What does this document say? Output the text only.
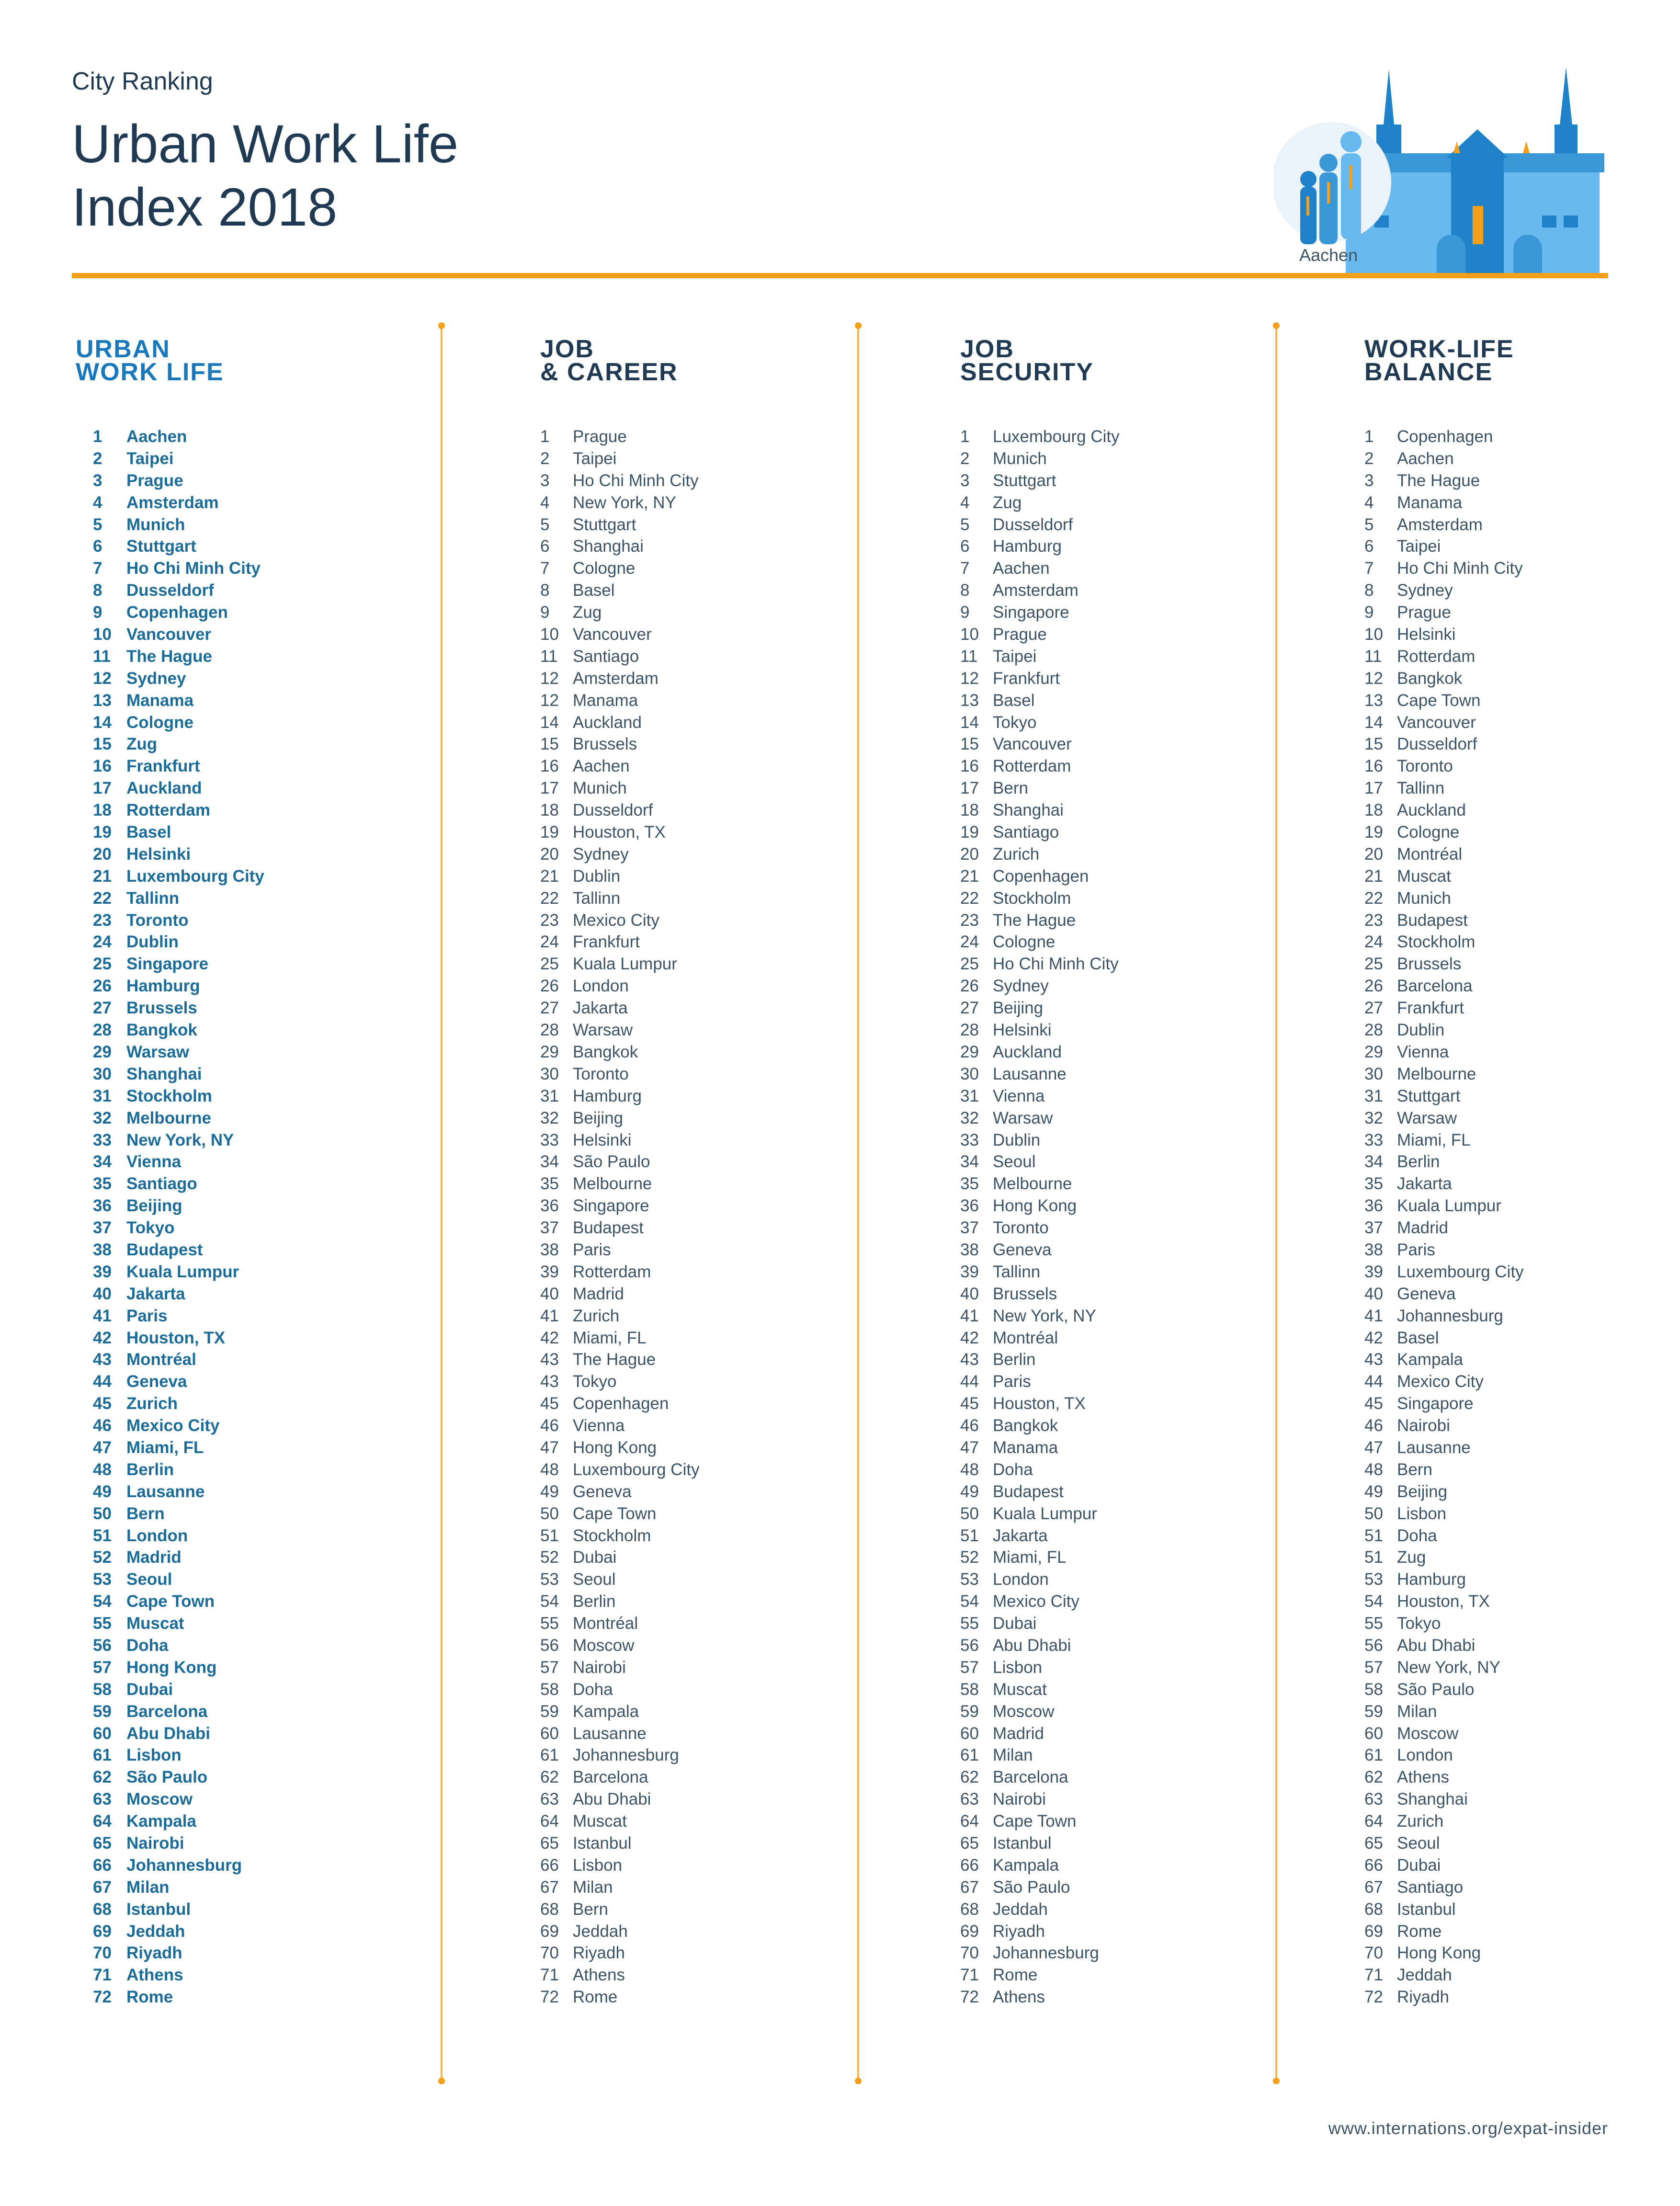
City Ranking
Urban Work Life
Index 2018
Aachen
URBAN
WORK LIFE
1 Aachen
2 Taipei
3 Prague
4 Amsterdam
5 Munich
6 Stuttgart
7 Ho Chi Minh City
8 Dusseldorf
9 Copenhagen
10 Vancouver
11 The Hague
12 Sydney
13 Manama
14 Cologne
15 Zug
16 Frankfurt
17 Auckland
18 Rotterdam
19 Basel
20 Helsinki
21 Luxembourg City
22 Tallinn
23 Toronto
24 Dublin
25 Singapore
26 Hamburg
27 Brussels
28 Bangkok
29 Warsaw
30 Shanghai
31 Stockholm
32 Melbourne
33 New York, NY
34 Vienna
35 Santiago
36 Beijing
37 Tokyo
38 Budapest
39 Kuala Lumpur
40 Jakarta
41 Paris
42 Houston, TX
43 Montréal
44 Geneva
45 Zurich
46 Mexico City
47 Miami, FL
48 Berlin
49 Lausanne
50 Bern
51 London
52 Madrid
53 Seoul
54 Cape Town
55 Muscat
56 Doha
57 Hong Kong
58 Dubai
59 Barcelona
60 Abu Dhabi
61 Lisbon
62 São Paulo
63 Moscow
64 Kampala
65 Nairobi
66 Johannesburg
67 Milan
68 Istanbul
69 Jeddah
70 Riyadh
71 Athens
72 Rome
JOB
& CAREER
1 Prague
2 Taipei
3 Ho Chi Minh City
4 New York, NY
5 Stuttgart
6 Shanghai
7 Cologne
8 Basel
9 Zug
10 Vancouver
11 Santiago
12 Amsterdam
12 Manama
14 Auckland
15 Brussels
16 Aachen
17 Munich
18 Dusseldorf
19 Houston, TX
20 Sydney
21 Dublin
22 Tallinn
23 Mexico City
24 Frankfurt
25 Kuala Lumpur
26 London
27 Jakarta
28 Warsaw
29 Bangkok
30 Toronto
31 Hamburg
32 Beijing
33 Helsinki
34 São Paulo
35 Melbourne
36 Singapore
37 Budapest
38 Paris
39 Rotterdam
40 Madrid
41 Zurich
42 Miami, FL
43 The Hague
43 Tokyo
45 Copenhagen
46 Vienna
47 Hong Kong
48 Luxembourg City
49 Geneva
50 Cape Town
51 Stockholm
52 Dubai
53 Seoul
54 Berlin
55 Montréal
56 Moscow
57 Nairobi
58 Doha
59 Kampala
60 Lausanne
61 Johannesburg
62 Barcelona
63 Abu Dhabi
64 Muscat
65 Istanbul
66 Lisbon
67 Milan
68 Bern
69 Jeddah
70 Riyadh
71 Athens
72 Rome
JOB
SECURITY
1 Luxembourg City
2 Munich
3 Stuttgart
4 Zug
5 Dusseldorf
6 Hamburg
7 Aachen
8 Amsterdam
9 Singapore
10 Prague
11 Taipei
12 Frankfurt
13 Basel
14 Tokyo
15 Vancouver
16 Rotterdam
17 Bern
18 Shanghai
19 Santiago
20 Zurich
21 Copenhagen
22 Stockholm
23 The Hague
24 Cologne
25 Ho Chi Minh City
26 Sydney
27 Beijing
28 Helsinki
29 Auckland
30 Lausanne
31 Vienna
32 Warsaw
33 Dublin
34 Seoul
35 Melbourne
36 Hong Kong
37 Toronto
38 Geneva
39 Tallinn
40 Brussels
41 New York, NY
42 Montréal
43 Berlin
44 Paris
45 Houston, TX
46 Bangkok
47 Manama
48 Doha
49 Budapest
50 Kuala Lumpur
51 Jakarta
52 Miami, FL
53 London
54 Mexico City
55 Dubai
56 Abu Dhabi
57 Lisbon
58 Muscat
59 Moscow
60 Madrid
61 Milan
62 Barcelona
63 Nairobi
64 Cape Town
65 Istanbul
66 Kampala
67 São Paulo
68 Jeddah
69 Riyadh
70 Johannesburg
71 Rome
72 Athens
WORK-LIFE
BALANCE
1 Copenhagen
2 Aachen
3 The Hague
4 Manama
5 Amsterdam
6 Taipei
7 Ho Chi Minh City
8 Sydney
9 Prague
10 Helsinki
11 Rotterdam
12 Bangkok
13 Cape Town
14 Vancouver
15 Dusseldorf
16 Toronto
17 Tallinn
18 Auckland
19 Cologne
20 Montréal
21 Muscat
22 Munich
23 Budapest
24 Stockholm
25 Brussels
26 Barcelona
27 Frankfurt
28 Dublin
29 Vienna
30 Melbourne
31 Stuttgart
32 Warsaw
33 Miami, FL
34 Berlin
35 Jakarta
36 Kuala Lumpur
37 Madrid
38 Paris
39 Luxembourg City
40 Geneva
41 Johannesburg
42 Basel
43 Kampala
44 Mexico City
45 Singapore
46 Nairobi
47 Lausanne
48 Bern
49 Beijing
50 Lisbon
51 Doha
51 Zug
53 Hamburg
54 Houston, TX
55 Tokyo
56 Abu Dhabi
57 New York, NY
58 São Paulo
59 Milan
60 Moscow
61 London
62 Athens
63 Shanghai
64 Zurich
65 Seoul
66 Dubai
67 Santiago
68 Istanbul
69 Rome
70 Hong Kong
71 Jeddah
72 Riyadh
www.internations.org/expat-insider
